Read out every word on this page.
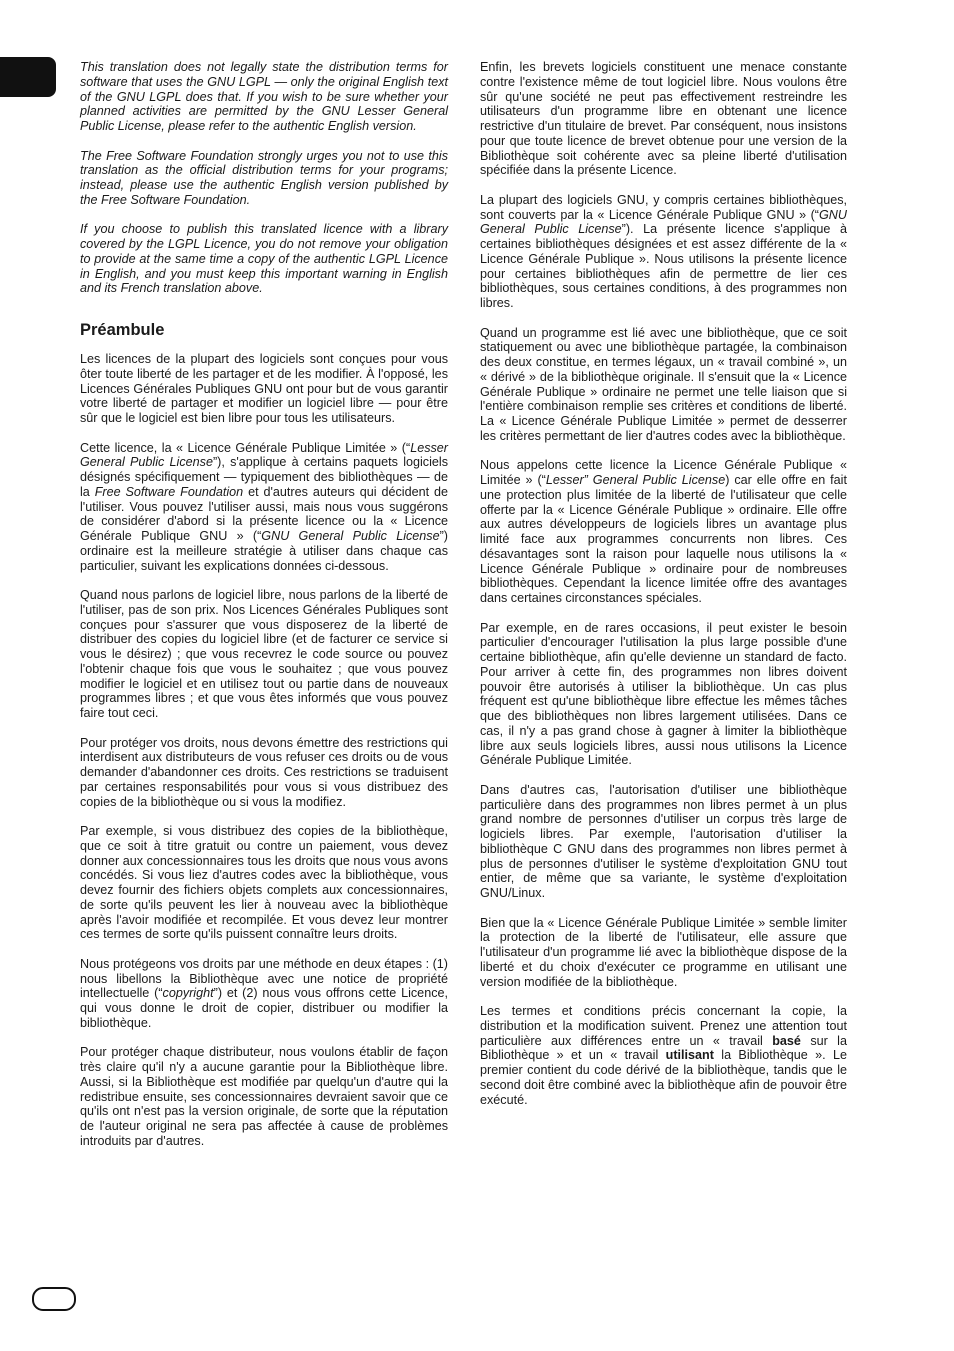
This translation does not legally state the distribution terms for software that uses the GNU LGPL — only the original English text of the GNU LGPL does that. If you wish to be sure whether your planned activities are permitted by the GNU Lesser General Public License, please refer to the authentic English version.

The Free Software Foundation strongly urges you not to use this translation as the official distribution terms for your programs; instead, please use the authentic English version published by the Free Software Foundation.

If you choose to publish this translated licence with a library covered by the LGPL Licence, you do not remove your obligation to provide at the same time a copy of the authentic LGPL Licence in English, and you must keep this important warning in English and its French translation above.

Préambule

Les licences de la plupart des logiciels sont conçues pour vous ôter toute liberté de les partager et de les modifier. À l'opposé, les Licences Générales Publiques GNU ont pour but de vous garantir votre liberté de partager et modifier un logiciel libre — pour être sûr que le logiciel est bien libre pour tous les utilisateurs.

Cette licence, la « Licence Générale Publique Limitée » (“Lesser General Public License”), s'applique à certains paquets logiciels désignés spécifiquement — typiquement des bibliothèques — de la Free Software Foundation et d'autres auteurs qui décident de l'utiliser. Vous pouvez l'utiliser aussi, mais nous vous suggérons de considérer d'abord si la présente licence ou la « Licence Générale Publique GNU » (“GNU General Public License”) ordinaire est la meilleure stratégie à utiliser dans chaque cas particulier, suivant les explications données ci-dessous.

Quand nous parlons de logiciel libre, nous parlons de la liberté de l'utiliser, pas de son prix. Nos Licences Générales Publiques sont conçues pour s'assurer que vous disposerez de la liberté de distribuer des copies du logiciel libre (et de facturer ce service si vous le désirez) ; que vous recevrez le code source ou pouvez l'obtenir chaque fois que vous le souhaitez ; que vous pouvez modifier le logiciel et en utilisez tout ou partie dans de nouveaux programmes libres ; et que vous êtes informés que vous pouvez faire tout ceci.

Pour protéger vos droits, nous devons émettre des restrictions qui interdisent aux distributeurs de vous refuser ces droits ou de vous demander d'abandonner ces droits. Ces restrictions se traduisent par certaines responsabilités pour vous si vous distribuez des copies de la bibliothèque ou si vous la modifiez.

Par exemple, si vous distribuez des copies de la bibliothèque, que ce soit à titre gratuit ou contre un paiement, vous devez donner aux concessionnaires tous les droits que nous vous avons concédés. Si vous liez d'autres codes avec la bibliothèque, vous devez fournir des fichiers objets complets aux concessionnaires, de sorte qu'ils peuvent les lier à nouveau avec la bibliothèque après l'avoir modifiée et recompilée. Et vous devez leur montrer ces termes de sorte qu'ils puissent connaître leurs droits.

Nous protégeons vos droits par une méthode en deux étapes : (1) nous libellons la Bibliothèque avec une notice de propriété intellectuelle (“copyright”) et (2) nous vous offrons cette Licence, qui vous donne le droit de copier, distribuer ou modifier la bibliothèque.

Pour protéger chaque distributeur, nous voulons établir de façon très claire qu'il n'y a aucune garantie pour la Bibliothèque libre. Aussi, si la Bibliothèque est modifiée par quelqu'un d'autre qui la redistribue ensuite, ses concessionnaires devraient savoir que ce qu'ils ont n'est pas la version originale, de sorte que la réputation de l'auteur original ne sera pas affectée à cause de problèmes introduits par d'autres.

Enfin, les brevets logiciels constituent une menace constante contre l'existence même de tout logiciel libre. Nous voulons être sûr qu'une société ne peut pas effectivement restreindre les utilisateurs d'un programme libre en obtenant une licence restrictive d'un titulaire de brevet. Par conséquent, nous insistons pour que toute licence de brevet obtenue pour une version de la Bibliothèque soit cohérente avec sa pleine liberté d'utilisation spécifiée dans la présente Licence.

La plupart des logiciels GNU, y compris certaines bibliothèques, sont couverts par la « Licence Générale Publique GNU » (“GNU General Public License”). La présente licence s'applique à certaines bibliothèques désignées et est assez différente de la « Licence Générale Publique ». Nous utilisons la présente licence pour certaines bibliothèques afin de permettre de lier ces bibliothèques, sous certaines conditions, à des programmes non libres.

Quand un programme est lié avec une bibliothèque, que ce soit statiquement ou avec une bibliothèque partagée, la combinaison des deux constitue, en termes légaux, un « travail combiné », un « dérivé » de la bibliothèque originale. Il s'ensuit que la « Licence Générale Publique » ordinaire ne permet une telle liaison que si l'entière combinaison remplie ses critères et conditions de liberté. La « Licence Générale Publique Limitée » permet de desserrer les critères permettant de lier d'autres codes avec la bibliothèque.

Nous appelons cette licence la Licence Générale Publique « Limitée » (“Lesser” General Public License) car elle offre en fait une protection plus limitée de la liberté de l'utilisateur que celle offerte par la « Licence Générale Publique » ordinaire. Elle offre aux autres développeurs de logiciels libres un avantage plus limité face aux programmes concurrents non libres. Ces désavantages sont la raison pour laquelle nous utilisons la « Licence Générale Publique » ordinaire pour de nombreuses bibliothèques. Cependant la licence limitée offre des avantages dans certaines circonstances spéciales.

Par exemple, en de rares occasions, il peut exister le besoin particulier d'encourager l'utilisation la plus large possible d'une certaine bibliothèque, afin qu'elle devienne un standard de facto. Pour arriver à cette fin, des programmes non libres doivent pouvoir être autorisés à utiliser la bibliothèque. Un cas plus fréquent est qu'une bibliothèque libre effectue les mêmes tâches que des bibliothèques non libres largement utilisées. Dans ce cas, il n'y a pas grand chose à gagner à limiter la bibliothèque libre aux seuls logiciels libres, aussi nous utilisons la Licence Générale Publique Limitée.

Dans d'autres cas, l'autorisation d'utiliser une bibliothèque particulière dans des programmes non libres permet à un plus grand nombre de personnes d'utiliser un corpus très large de logiciels libres. Par exemple, l'autorisation d'utiliser la bibliothèque C GNU dans des programmes non libres permet à plus de personnes d'utiliser le système d'exploitation GNU tout entier, de même que sa variante, le système d'exploitation GNU/Linux.

Bien que la « Licence Générale Publique Limitée » semble limiter la protection de la liberté de l'utilisateur, elle assure que l'utilisateur d'un programme lié avec la bibliothèque dispose de la liberté et du choix d'exécuter ce programme en utilisant une version modifiée de la bibliothèque.

Les termes et conditions précis concernant la copie, la distribution et la modification suivent. Prenez une attention tout particulière aux différences entre un « travail basé sur la Bibliothèque » et un « travail utilisant la Bibliothèque ». Le premier contient du code dérivé de la bibliothèque, tandis que le second doit être combiné avec la bibliothèque afin de pouvoir être exécuté.
